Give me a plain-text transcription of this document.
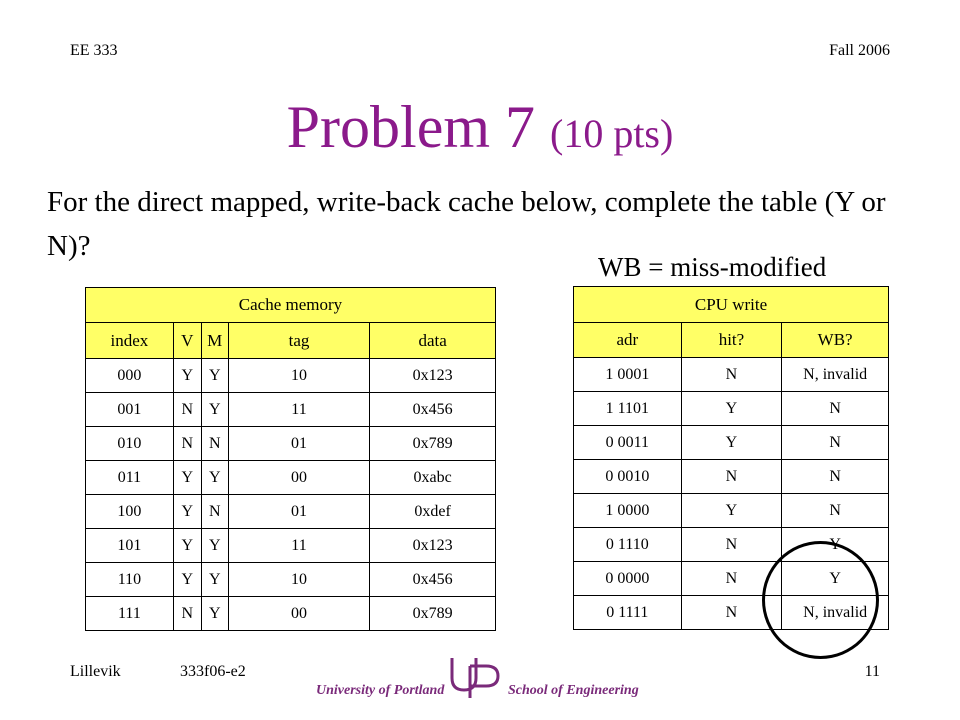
EE 333	Fall 2006
Problem 7 (10 pts)
For the direct mapped, write-back cache below, complete the table (Y or N)?
WB = miss-modified
Cache memory				
index	V	M	tag	data
000	Y	Y	10	0x123
001	N	Y	11	0x456
010	N	N	01	0x789
011	Y	Y	00	0xabc
100	Y	N	01	0xdef
101	Y	Y	11	0x123
110	Y	Y	10	0x456
111	N	Y	00	0x789
CPU write		
adr	hit?	WB?
1 0001	N	N, invalid
1 1101	Y	N
0 0011	Y	N
0 0010	N	N
1 0000	Y	N
0 1110	N	Y
0 0000	N	Y
0 1111	N	N, invalid
Lillevik	333f06-e2	11
University of Portland	School of Engineering
